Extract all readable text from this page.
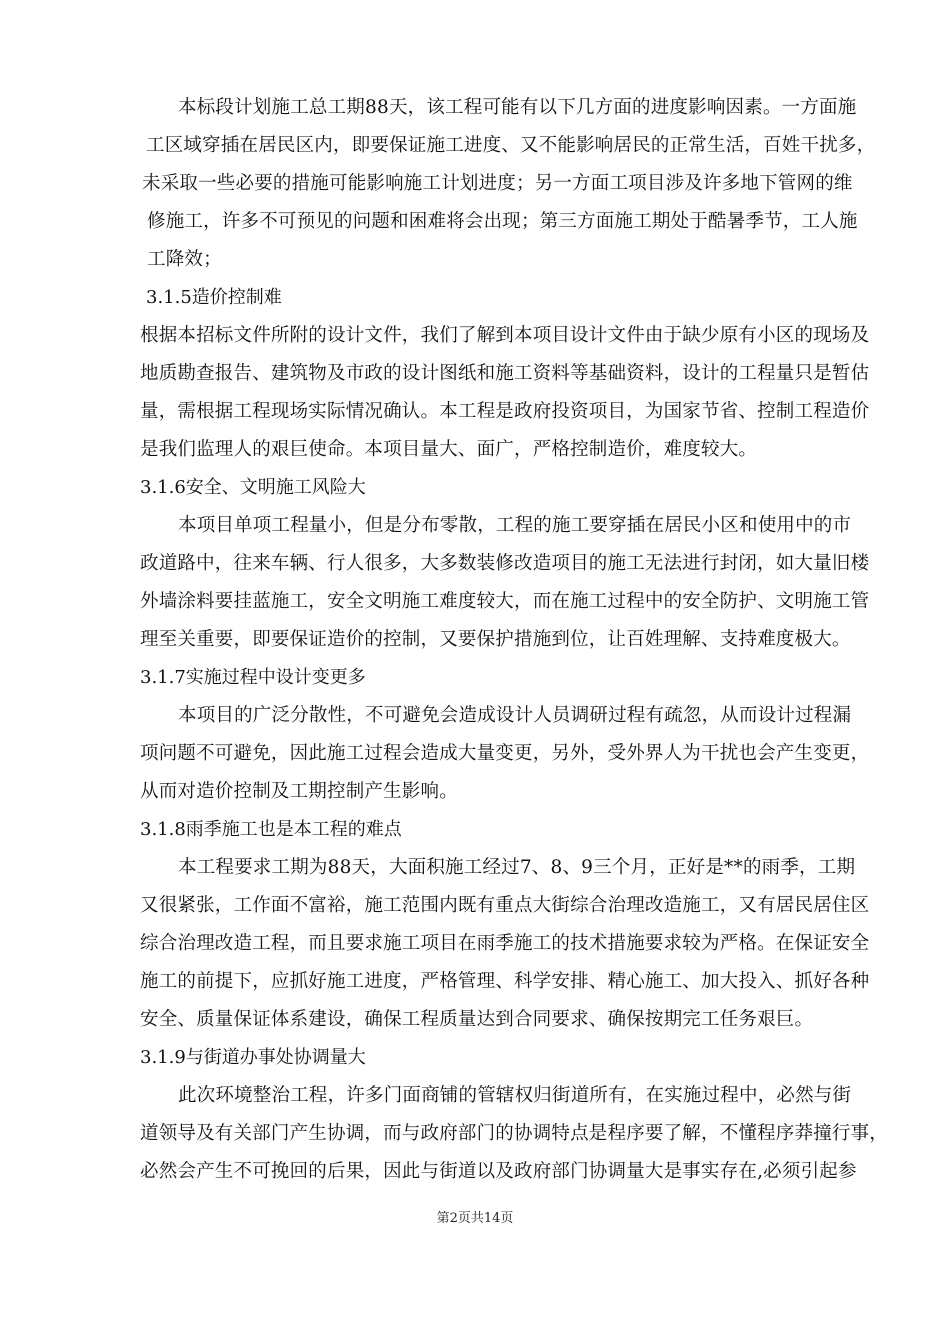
本标段计划施工总工期88天，该工程可能有以下几方面的进度影响因素。一方面施
工区域穿插在居民区内，即要保证施工进度、又不能影响居民的正常生活，百姓干扰多，
未采取一些必要的措施可能影响施工计划进度；另一方面工项目涉及许多地下管网的维
修施工，许多不可预见的问题和困难将会出现；第三方面施工期处于酷暑季节，工人施
工降效；
3.1.5造价控制难
根据本招标文件所附的设计文件，我们了解到本项目设计文件由于缺少原有小区的现场及
地质勘查报告、建筑物及市政的设计图纸和施工资料等基础资料，设计的工程量只是暂估
量，需根据工程现场实际情况确认。本工程是政府投资项目，为国家节省、控制工程造价
是我们监理人的艰巨使命。本项目量大、面广，严格控制造价，难度较大。
3.1.6安全、文明施工风险大
本项目单项工程量小，但是分布零散，工程的施工要穿插在居民小区和使用中的市
政道路中，往来车辆、行人很多，大多数装修改造项目的施工无法进行封闭，如大量旧楼
外墙涂料要挂蓝施工，安全文明施工难度较大，而在施工过程中的安全防护、文明施工管
理至关重要，即要保证造价的控制，又要保护措施到位，让百姓理解、支持难度极大。
3.1.7实施过程中设计变更多
本项目的广泛分散性，不可避免会造成设计人员调研过程有疏忽，从而设计过程漏
项问题不可避免，因此施工过程会造成大量变更，另外，受外界人为干扰也会产生变更，
从而对造价控制及工期控制产生影响。
3.1.8雨季施工也是本工程的难点
本工程要求工期为88天，大面积施工经过7、8、9三个月，正好是**的雨季，工期
又很紧张，工作面不富裕，施工范围内既有重点大街综合治理改造施工，又有居民居住区
综合治理改造工程，而且要求施工项目在雨季施工的技术措施要求较为严格。在保证安全
施工的前提下，应抓好施工进度，严格管理、科学安排、精心施工、加大投入、抓好各种
安全、质量保证体系建设，确保工程质量达到合同要求、确保按期完工任务艰巨。
3.1.9与街道办事处协调量大
此次环境整治工程，许多门面商铺的管辖权归街道所有，在实施过程中，必然与街
道领导及有关部门产生协调，而与政府部门的协调特点是程序要了解，不懂程序莽撞行事，
必然会产生不可挽回的后果，因此与街道以及政府部门协调量大是事实存在,必须引起参
第2页共14页
